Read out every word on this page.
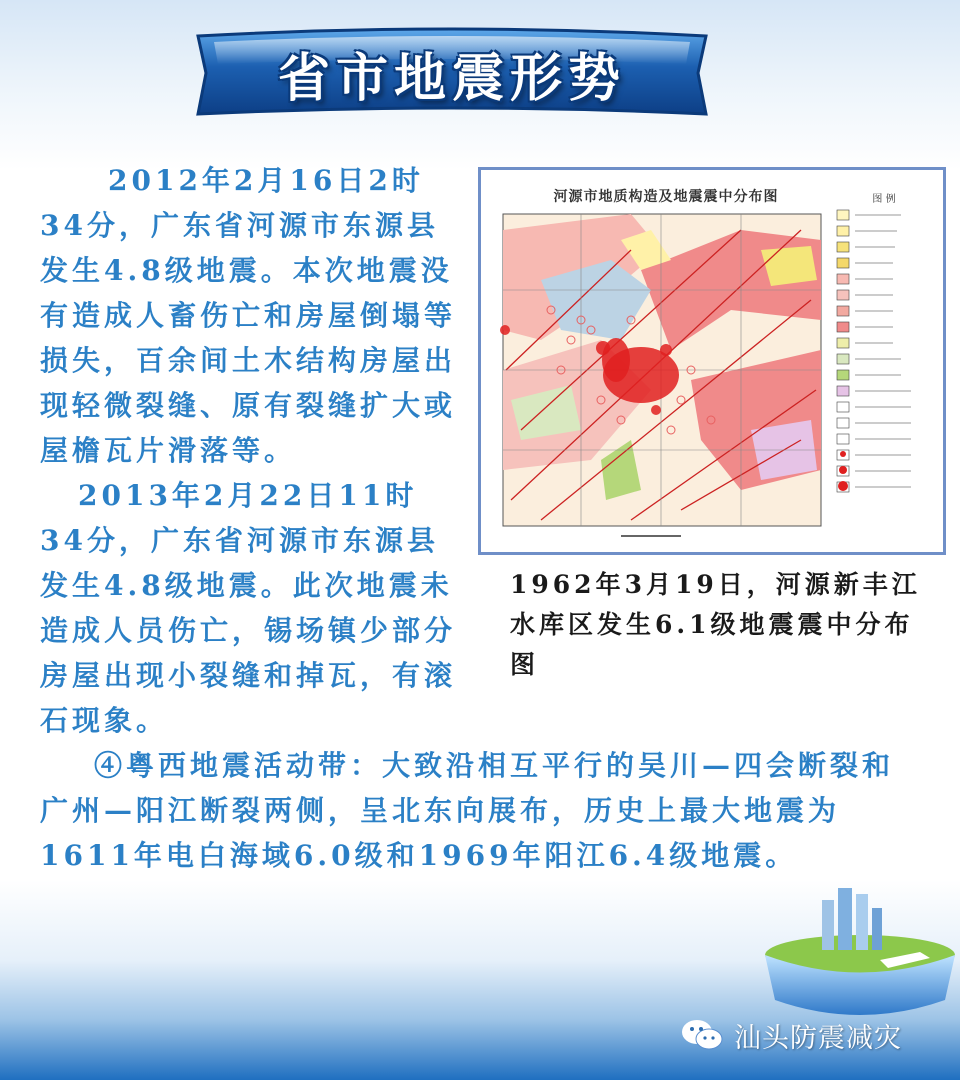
省市地震形势

2012年2月16日2时34分，广东省河源市东源县发生4.8级地震。本次地震没有造成人畜伤亡和房屋倒塌等损失，百余间土木结构房屋出现轻微裂缝、原有裂缝扩大或屋檐瓦片滑落等。

2013年2月22日11时34分，广东省河源市东源县发生4.8级地震。此次地震未造成人员伤亡，锡场镇少部分房屋出现小裂缝和掉瓦，有滚石现象。

④粤西地震活动带：大致沿相互平行的吴川—四会断裂和广州—阳江断裂两侧，呈北东向展布，历史上最大地震为1611年电白海域6.0级和1969年阳江6.4级地震。

河源市地质构造及地震震中分布图	图 例

1962年3月19日，河源新丰江水库区发生6.1级地震震中分布图

汕头防震减灾
